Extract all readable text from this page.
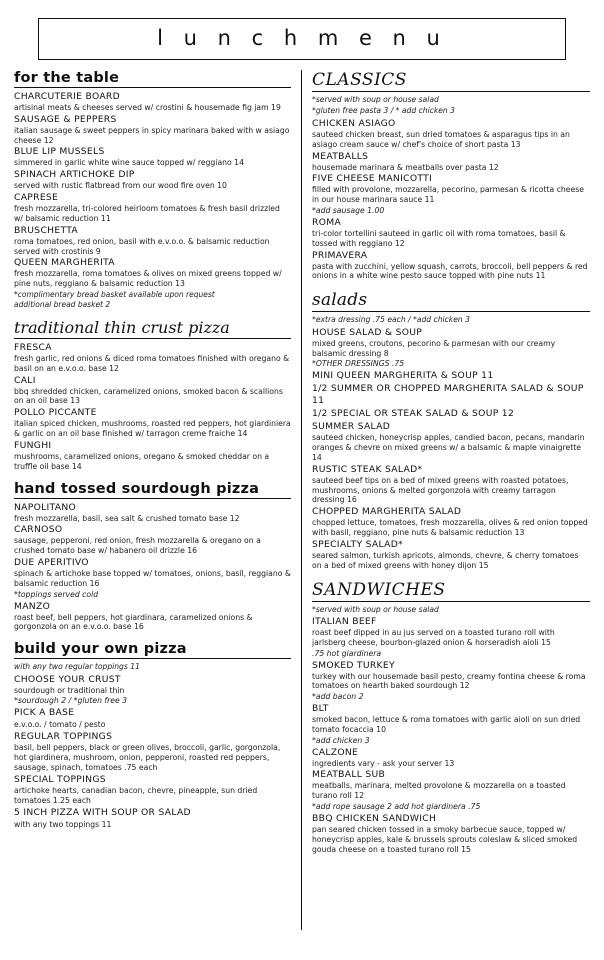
l u n c h m e n u
for the table
CHARCUTERIE BOARD
artisinal meats & cheeses served w/ crostini & housemade fig jam 19
SAUSAGE & PEPPERS
italian sausage & sweet peppers in spicy marinara baked with w asiago cheese 12
BLUE LIP MUSSELS
simmered in garlic white wine sauce topped w/ reggiano 14
SPINACH ARTICHOKE DIP
served with rustic flatbread from our wood fire oven 10
CAPRESE
fresh mozzarella, tri-colored heirloom tomatoes & fresh basil drizzled w/ balsamic reduction 11
BRUSCHETTA
roma tomatoes, red onion, basil with e.v.o.o. & balsamic reduction served with crostinis 9
QUEEN MARGHERITA
fresh mozzarella, roma tomatoes & olives on mixed greens topped w/ pine nuts, reggiano & balsamic reduction 13
*complimentary bread basket available upon request
additional bread basket 2
traditional thin crust pizza
FRESCA
fresh garlic, red onions & diced roma tomatoes finished with oregano & basil on an e.v.o.o. base 12
CALI
bbq shredded chicken, caramelized onions, smoked bacon & scallions on an oil base 13
POLLO PICCANTE
italian spiced chicken, mushrooms, roasted red peppers, hot giardiniera & garlic on an oil base finished w/ tarragon creme fraiche 14
FUNGHI
mushrooms, caramelized onions, oregano & smoked cheddar on a truffle oil base 14
hand tossed sourdough pizza
NAPOLITANO
fresh mozzarella, basil, sea salt & crushed tomato base 12
CARNOSO
sausage, pepperoni, red onion, fresh mozzarella & oregano on a crushed tomato base w/ habanero oil drizzle 16
DUE APERITIVO
spinach & artichoke base topped w/ tomatoes, onions, basil, reggiano & balsamic reduction 16
*toppings served cold
MANZO
roast beef, bell peppers, hot giardinara, caramelized onions & gorgonzola on an e.v.o.o. base 16
build your own pizza
with any two regular toppings 11
CHOOSE YOUR CRUST
sourdough or traditional thin
*sourdough 2 / *gluten free 3
PICK A BASE
e.v.o.o. / tomato / pesto
REGULAR TOPPINGS
basil, bell peppers, black or green olives, broccoli, garlic, gorgonzola, hot giardinera, mushroom, onion, pepperoni, roasted red peppers, sausage, spinach, tomatoes .75 each
SPECIAL TOPPINGS
artichoke hearts, canadian bacon, chevre, pineapple, sun dried tomatoes 1.25 each
5 INCH PIZZA WITH SOUP OR SALAD
with any two toppings 11
CLASSICS
*served with soup or house salad
*gluten free pasta 3 / * add chicken 3
CHICKEN ASIAGO
sauteed chicken breast, sun dried tomatoes & asparagus tips in an asiago cream sauce w/ chef's choice of short pasta 13
MEATBALLS
housemade marinara & meatballs over pasta 12
FIVE CHEESE MANICOTTI
filled with provolone, mozzarella, pecorino, parmesan & ricotta cheese in our house marinara sauce 11
*add sausage 1.00
ROMA
tri-color tortellini sauteed in garlic oil with roma tomatoes, basil & tossed with reggiano 12
PRIMAVERA
pasta with zucchini, yellow squash, carrots, broccoli, bell peppers & red onions in a white wine pesto sauce topped with pine nuts 11
salads
*extra dressing .75 each / *add chicken 3
HOUSE SALAD & SOUP
mixed greens, croutons, pecorino & parmesan with our creamy balsamic dressing 8
*OTHER DRESSINGS .75
MINI QUEEN MARGHERITA & SOUP 11
1/2 SUMMER OR CHOPPED MARGHERITA SALAD & SOUP 11
1/2 SPECIAL OR STEAK SALAD & SOUP 12
SUMMER SALAD
sauteed chicken, honeycrisp apples, candied bacon, pecans, mandarin oranges & chevre on mixed greens w/ a balsamic & maple vinaigrette 14
RUSTIC STEAK SALAD*
sauteed beef tips on a bed of mixed greens with roasted potatoes, mushrooms, onions & melted gorgonzola with creamy tarragon dressing 16
CHOPPED MARGHERITA SALAD
chopped lettuce, tomatoes, fresh mozzarella, olives & red onion topped with basil, reggiano, pine nuts & balsamic reduction 13
SPECIALTY SALAD*
seared salmon, turkish apricots, almonds, chevre, & cherry tomatoes on a bed of mixed greens with honey dijon 15
SANDWICHES
*served with soup or house salad
ITALIAN BEEF
roast beef dipped in au jus served on a toasted turano roll with jarlsberg cheese, bourbon-glazed onion & horseradish aioli 15
.75 hot giardinera
SMOKED TURKEY
turkey with our housemade basil pesto, creamy fontina cheese & roma tomatoes on hearth baked sourdough 12
*add bacon 2
BLT
smoked bacon, lettuce & roma tomatoes with garlic aioli on sun dried tomato focaccia 10
*add chicken 3
CALZONE
ingredients vary - ask your server 13
MEATBALL SUB
meatballs, marinara, melted provolone & mozzarella on a toasted turano roll 12
*add rope sausage 2 add hot giardinera .75
BBQ CHICKEN SANDWICH
pan seared chicken tossed in a smoky barbecue sauce, topped w/ honeycrisp apples, kale & brussels sprouts coleslaw & sliced smoked gouda cheese on a toasted turano roll 15
